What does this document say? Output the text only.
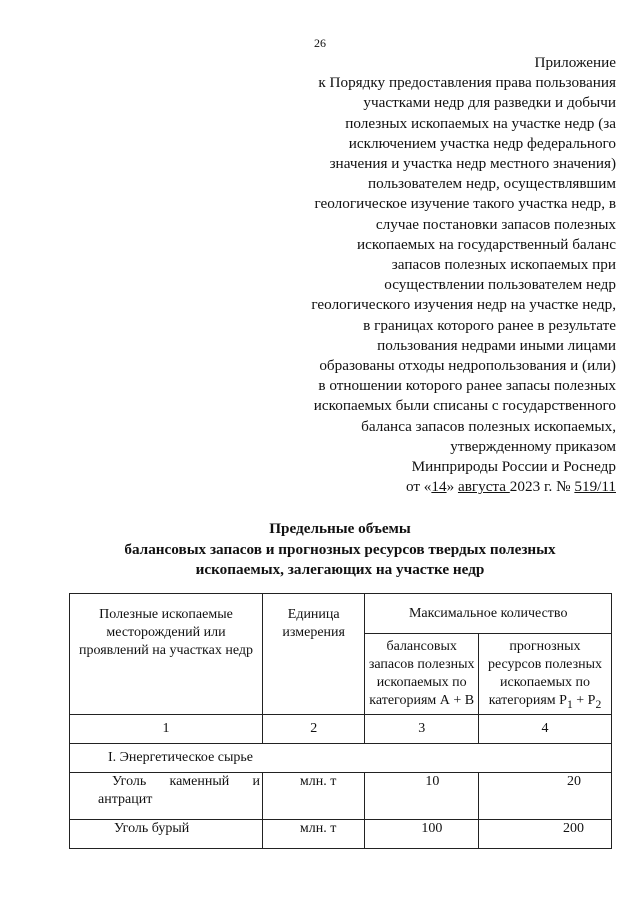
26
Приложение
к Порядку предоставления права пользования
участками недр для разведки и добычи
полезных ископаемых на участке недр (за
исключением участка недр федерального
значения и участка недр местного значения)
пользователем недр, осуществлявшим
геологическое изучение такого участка недр, в
случае постановки запасов полезных
ископаемых на государственный баланс
запасов полезных ископаемых при
осуществлении пользователем недр
геологического изучения недр на участке недр,
в границах которого ранее в результате
пользования недрами иными лицами
образованы отходы недропользования и (или)
в отношении которого ранее запасы полезных
ископаемых были списаны с государственного
баланса запасов полезных ископаемых,
утвержденному приказом
Минприроды России и Роснедр
от «14» августа 2023 г. № 519/11
Предельные объемы
балансовых запасов и прогнозных ресурсов твердых полезных
ископаемых, залегающих на участке недр
Полезные ископаемые месторождений или проявлений на участках недр	Единица измерения	Максимальное количество	
		балансовых запасов полезных ископаемых по категориям А + В	прогнозных ресурсов полезных ископаемых по категориям $Р_1 + Р_2$
1	2	3	4
I. Энергетическое сырье			

Уголь каменный и антрацит	млн. т	10	20
Уголь бурый	млн. т	100	200
